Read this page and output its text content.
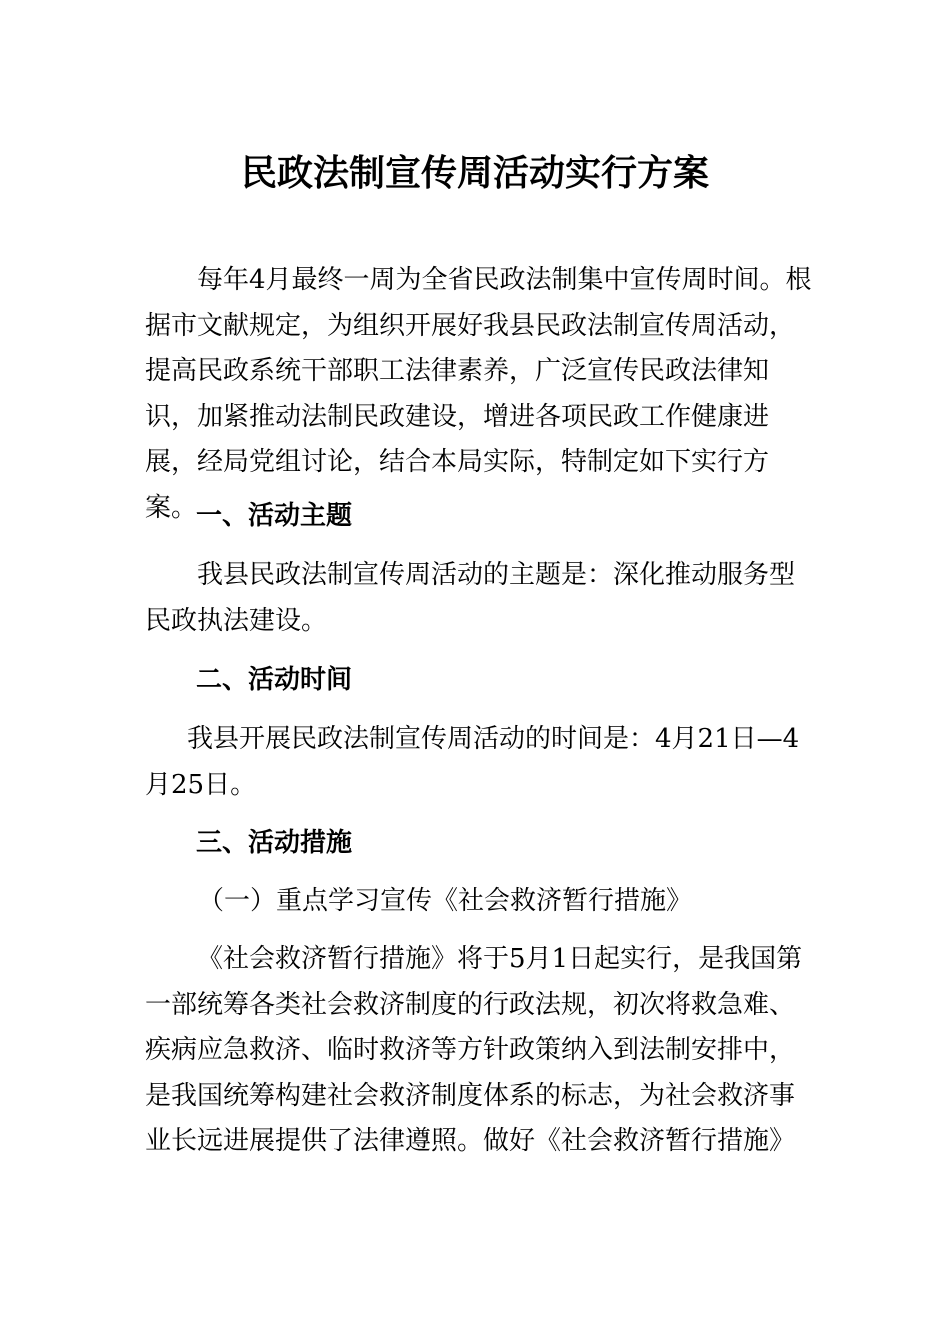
民政法制宣传周活动实行方案

每年4月最终一周为全省民政法制集中宣传周时间。根据市文献规定，为组织开展好我县民政法制宣传周活动，提高民政系统干部职工法律素养，广泛宣传民政法律知识，加紧推动法制民政建设，增进各项民政工作健康进展，经局党组讨论，结合本局实际，特制定如下实行方案。

一、活动主题

我县民政法制宣传周活动的主题是：深化推动服务型民政执法建设。

二、活动时间

我县开展民政法制宣传周活动的时间是：4月21日—4月25日。

三、活动措施
（一）重点学习宣传《社会救济暂行措施》

《社会救济暂行措施》将于5月1日起实行，是我国第一部统筹各类社会救济制度的行政法规，初次将救急难、疾病应急救济、临时救济等方针政策纳入到法制安排中，是我国统筹构建社会救济制度体系的标志，为社会救济事业长远进展提供了法律遵照。做好《社会救济暂行措施》
